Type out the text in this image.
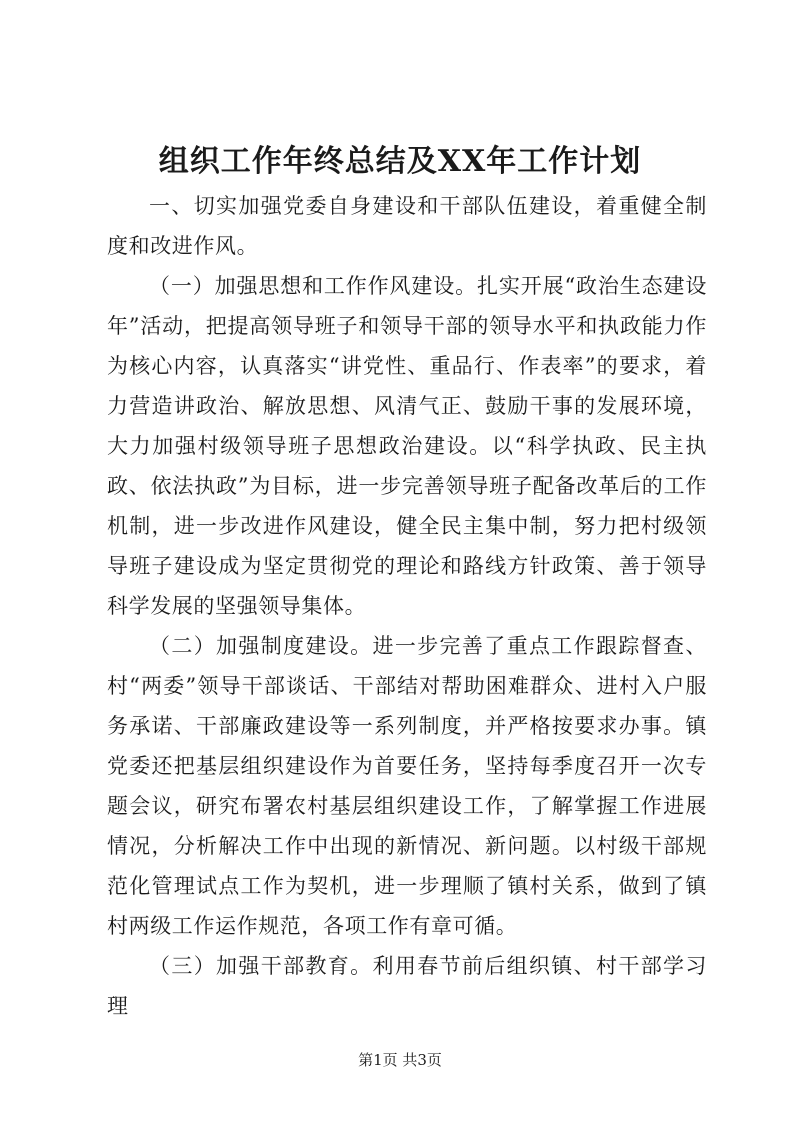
组织工作年终总结及XX年工作计划

一、切实加强党委自身建设和干部队伍建设，着重健全制度和改进作风。

（一）加强思想和工作作风建设。扎实开展“政治生态建设年”活动，把提高领导班子和领导干部的领导水平和执政能力作为核心内容，认真落实“讲党性、重品行、作表率”的要求，着力营造讲政治、解放思想、风清气正、鼓励干事的发展环境，大力加强村级领导班子思想政治建设。以“科学执政、民主执政、依法执政”为目标，进一步完善领导班子配备改革后的工作机制，进一步改进作风建设，健全民主集中制，努力把村级领导班子建设成为坚定贯彻党的理论和路线方针政策、善于领导科学发展的坚强领导集体。

（二）加强制度建设。进一步完善了重点工作跟踪督查、村“两委”领导干部谈话、干部结对帮助困难群众、进村入户服务承诺、干部廉政建设等一系列制度，并严格按要求办事。镇党委还把基层组织建设作为首要任务，坚持每季度召开一次专题会议，研究布署农村基层组织建设工作，了解掌握工作进展情况，分析解决工作中出现的新情况、新问题。以村级干部规范化管理试点工作为契机，进一步理顺了镇村关系，做到了镇村两级工作运作规范，各项工作有章可循。

（三）加强干部教育。利用春节前后组织镇、村干部学习理

第1页 共3页
